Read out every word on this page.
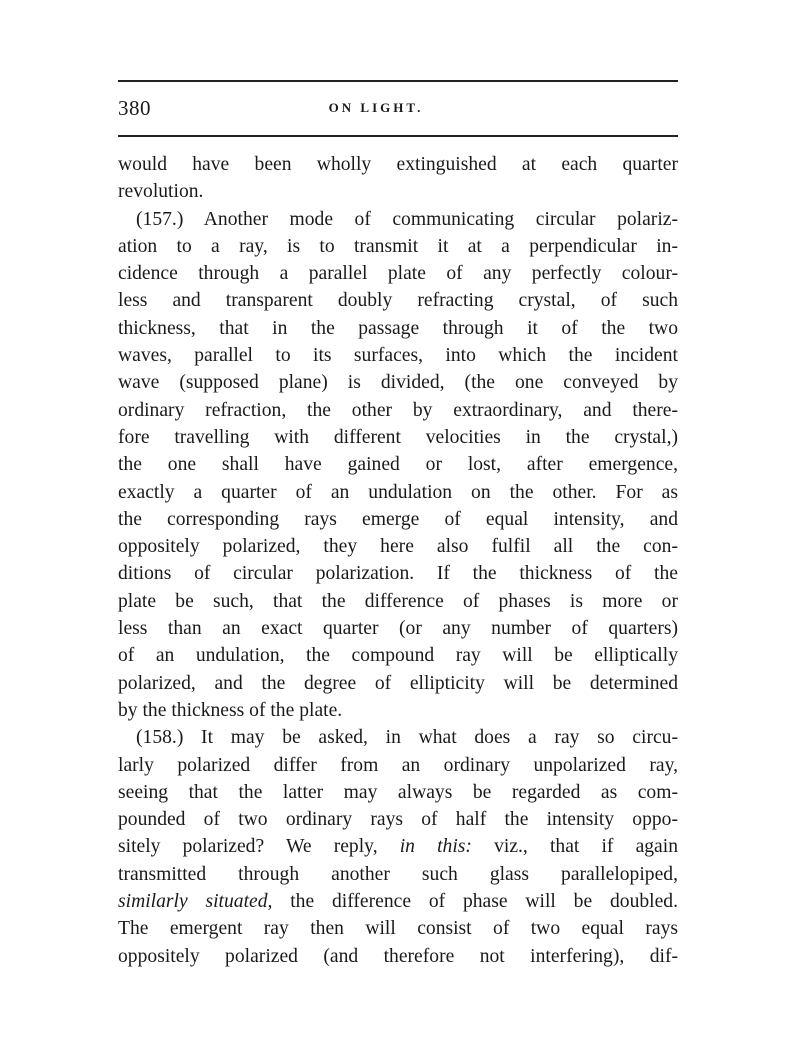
380	ON LIGHT.
would have been wholly extinguished at each quarter
revolution.
(157.) Another mode of communicating circular polariz-
ation to a ray, is to transmit it at a perpendicular in-
cidence through a parallel plate of any perfectly colour-
less and transparent doubly refracting crystal, of such
thickness, that in the passage through it of the two
waves, parallel to its surfaces, into which the incident
wave (supposed plane) is divided, (the one conveyed by
ordinary refraction, the other by extraordinary, and there-
fore travelling with different velocities in the crystal,)
the one shall have gained or lost, after emergence,
exactly a quarter of an undulation on the other. For as
the corresponding rays emerge of equal intensity, and
oppositely polarized, they here also fulfil all the con-
ditions of circular polarization. If the thickness of the
plate be such, that the difference of phases is more or
less than an exact quarter (or any number of quarters)
of an undulation, the compound ray will be elliptically
polarized, and the degree of ellipticity will be determined
by the thickness of the plate.
(158.) It may be asked, in what does a ray so circu-
larly polarized differ from an ordinary unpolarized ray,
seeing that the latter may always be regarded as com-
pounded of two ordinary rays of half the intensity oppo-
sitely polarized? We reply, in this: viz., that if again
transmitted through another such glass parallelopiped,
similarly situated, the difference of phase will be doubled.
The emergent ray then will consist of two equal rays
oppositely polarized (and therefore not interfering), dif-
